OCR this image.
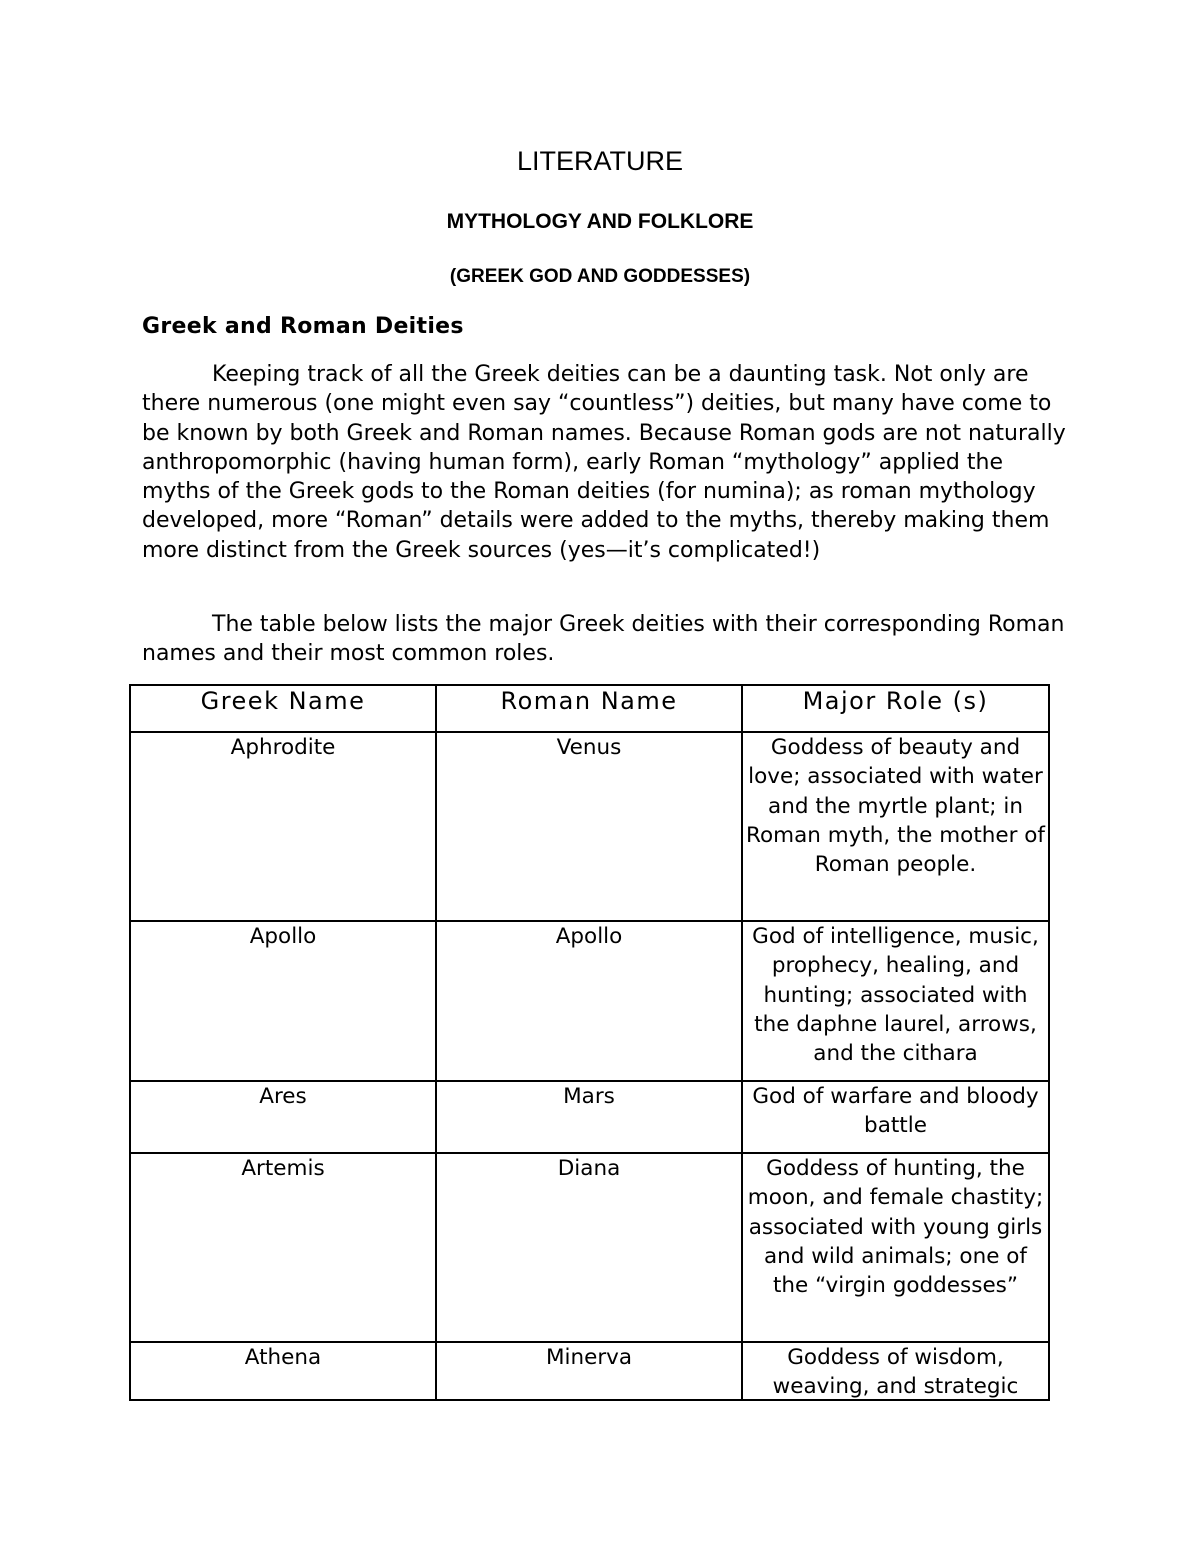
LITERATURE
MYTHOLOGY AND FOLKLORE
(GREEK GOD AND GODDESSES)
Greek and Roman Deities
Keeping track of all the Greek deities can be a daunting task. Not only are there numerous (one might even say “countless”) deities, but many have come to be known by both Greek and Roman names. Because Roman gods are not naturally anthropomorphic (having human form), early Roman “mythology” applied the myths of the Greek gods to the Roman deities (for numina); as roman mythology developed, more “Roman” details were added to the myths, thereby making them more distinct from the Greek sources (yes—it’s complicated!)
The table below lists the major Greek deities with their corresponding Roman names and their most common roles.
Greek Name	Roman Name	Major Role (s)
Aphrodite	Venus	Goddess of beauty and love; associated with water and the myrtle plant; in Roman myth, the mother of Roman people.
Apollo	Apollo	God of intelligence, music, prophecy, healing, and hunting; associated with the daphne laurel, arrows, and the cithara
Ares	Mars	God of warfare and bloody battle
Artemis	Diana	Goddess of hunting, the moon, and female chastity; associated with young girls and wild animals; one of the “virgin goddesses”
Athena	Minerva	Goddess of wisdom, weaving, and strategic
